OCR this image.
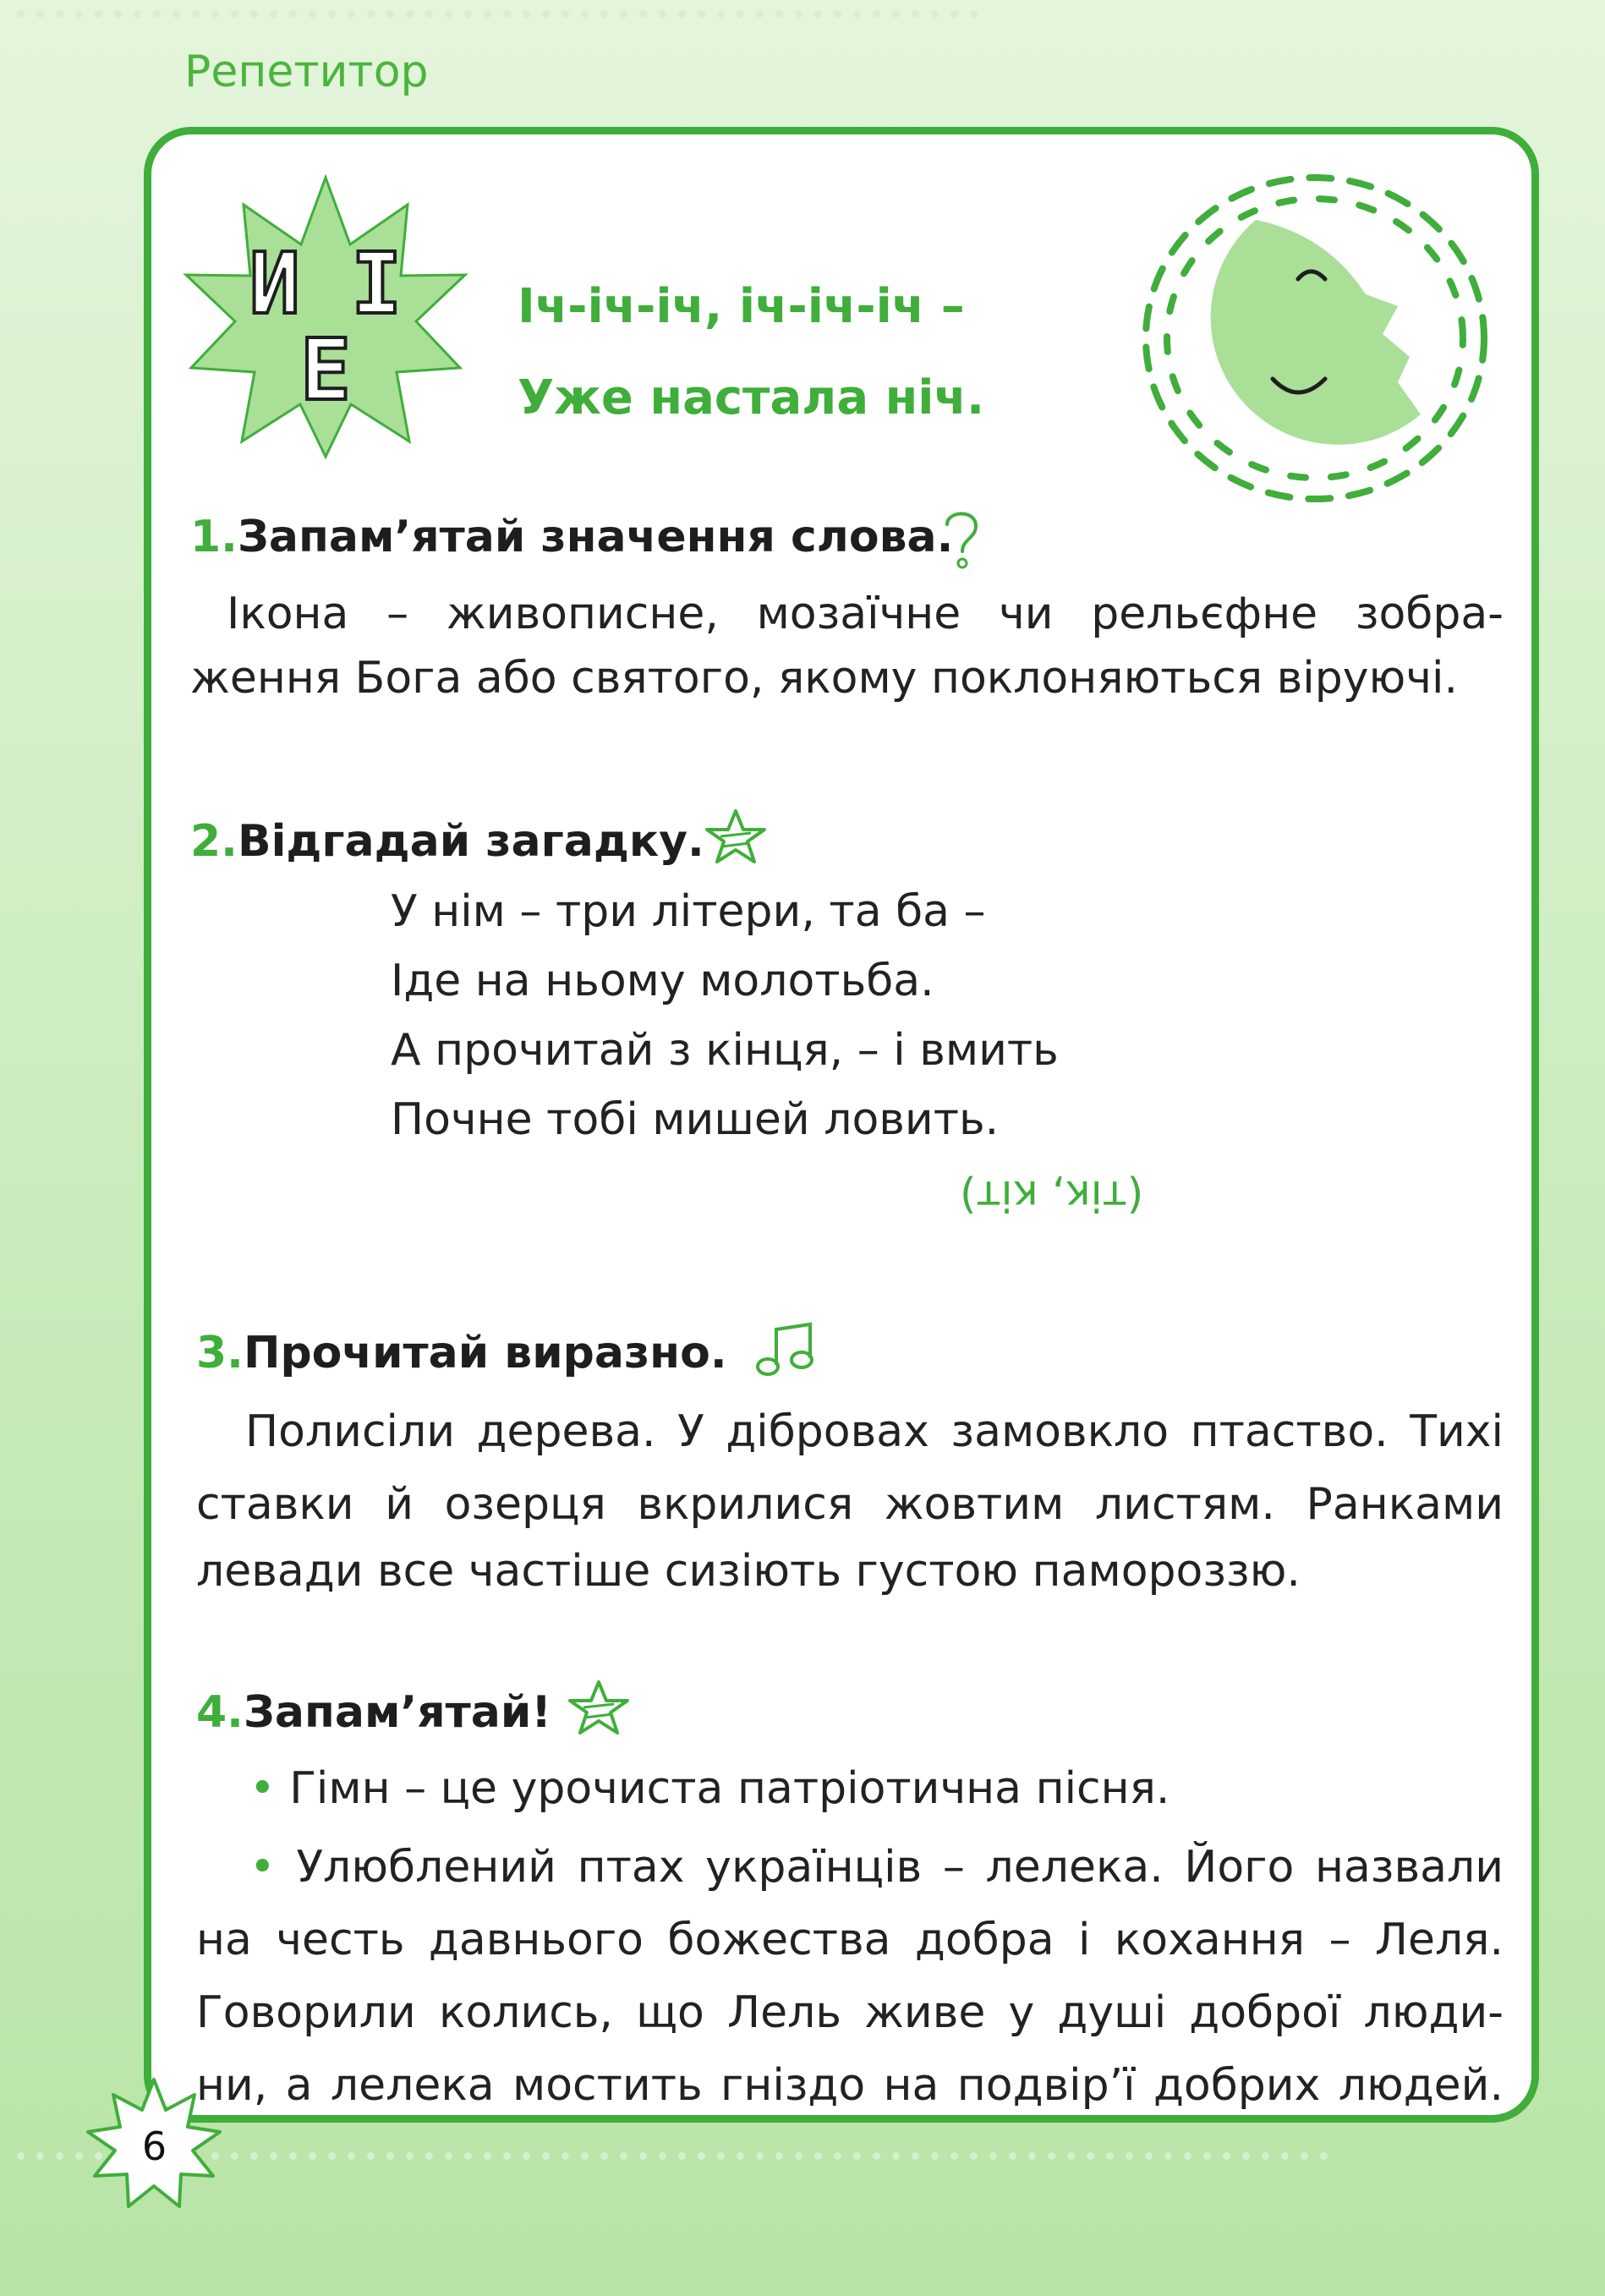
Репетитор
И І
Е
Іч-іч-іч, іч-іч-іч –
Уже настала ніч.
1.Запам’ятай значення слова.
Ікона – живописне, мозаїчне чи рельєфне зобра-
ження Бога або святого, якому поклоняються віруючі.
2.Відгадай загадку.
У нім – три літери, та ба –
Іде на ньому молотьба.
А прочитай з кінця, – і вмить
Почне тобі мишей ловить.
(тік, кіт)
3.Прочитай виразно.
Полисіли дерева. У дібровах замовкло птаство. Тихі
ставки й озерця вкрилися жовтим листям. Ранками
левади все частіше сизіють густою памороззю.
4.Запам’ятай!
• Гімн – це урочиста патріотична пісня.
• Улюблений птах українців – лелека. Його назвали
на честь давнього божества добра і кохання – Леля.
Говорили колись, що Лель живе у душі доброї люди-
ни, а лелека мостить гніздо на подвір’ї добрих людей.
6
